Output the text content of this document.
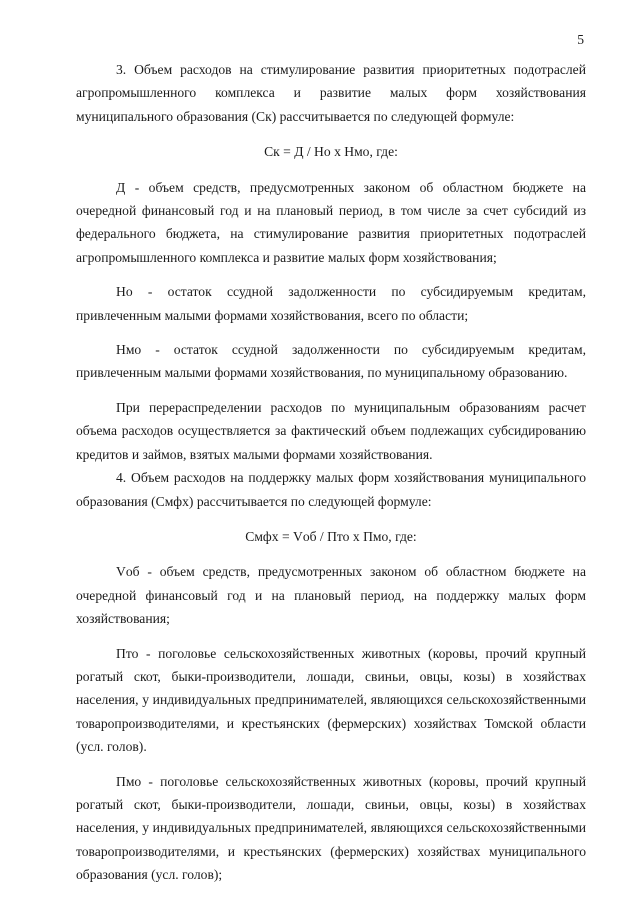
5

3. Объем расходов на стимулирование развития приоритетных подотраслей агропромышленного комплекса и развитие малых форм хозяйствования муниципального образования (Ск) рассчитывается по следующей формуле:

Ск = Д / Но х Нмо, где:

Д - объем средств, предусмотренных законом об областном бюджете на очередной финансовый год и на плановый период, в том числе за счет субсидий из федерального бюджета, на стимулирование развития приоритетных подотраслей агропромышленного комплекса и развитие малых форм хозяйствования;

Но - остаток ссудной задолженности по субсидируемым кредитам, привлеченным малыми формами хозяйствования, всего по области;

Нмо - остаток ссудной задолженности по субсидируемым кредитам, привлеченным малыми формами хозяйствования, по муниципальному образованию.

При перераспределении расходов по муниципальным образованиям расчет объема расходов осуществляется за фактический объем подлежащих субсидированию кредитов и займов, взятых малыми формами хозяйствования.

4. Объем расходов на поддержку малых форм хозяйствования муниципального образования (Смфх) рассчитывается по следующей формуле:

Смфх = Vоб / Пто х Пмо, где:

Vоб - объем средств, предусмотренных законом об областном бюджете на очередной финансовый год и на плановый период, на поддержку малых форм хозяйствования;

Пто - поголовье сельскохозяйственных животных (коровы, прочий крупный рогатый скот, быки-производители, лошади, свиньи, овцы, козы) в хозяйствах населения, у индивидуальных предпринимателей, являющихся сельскохозяйственными товаропроизводителями, и крестьянских (фермерских) хозяйствах Томской области (усл. голов).

Пмо - поголовье сельскохозяйственных животных (коровы, прочий крупный рогатый скот, быки-производители, лошади, свиньи, овцы, козы) в хозяйствах населения, у индивидуальных предпринимателей, являющихся сельскохозяйственными товаропроизводителями, и крестьянских (фермерских) хозяйствах муниципального образования (усл. голов);
